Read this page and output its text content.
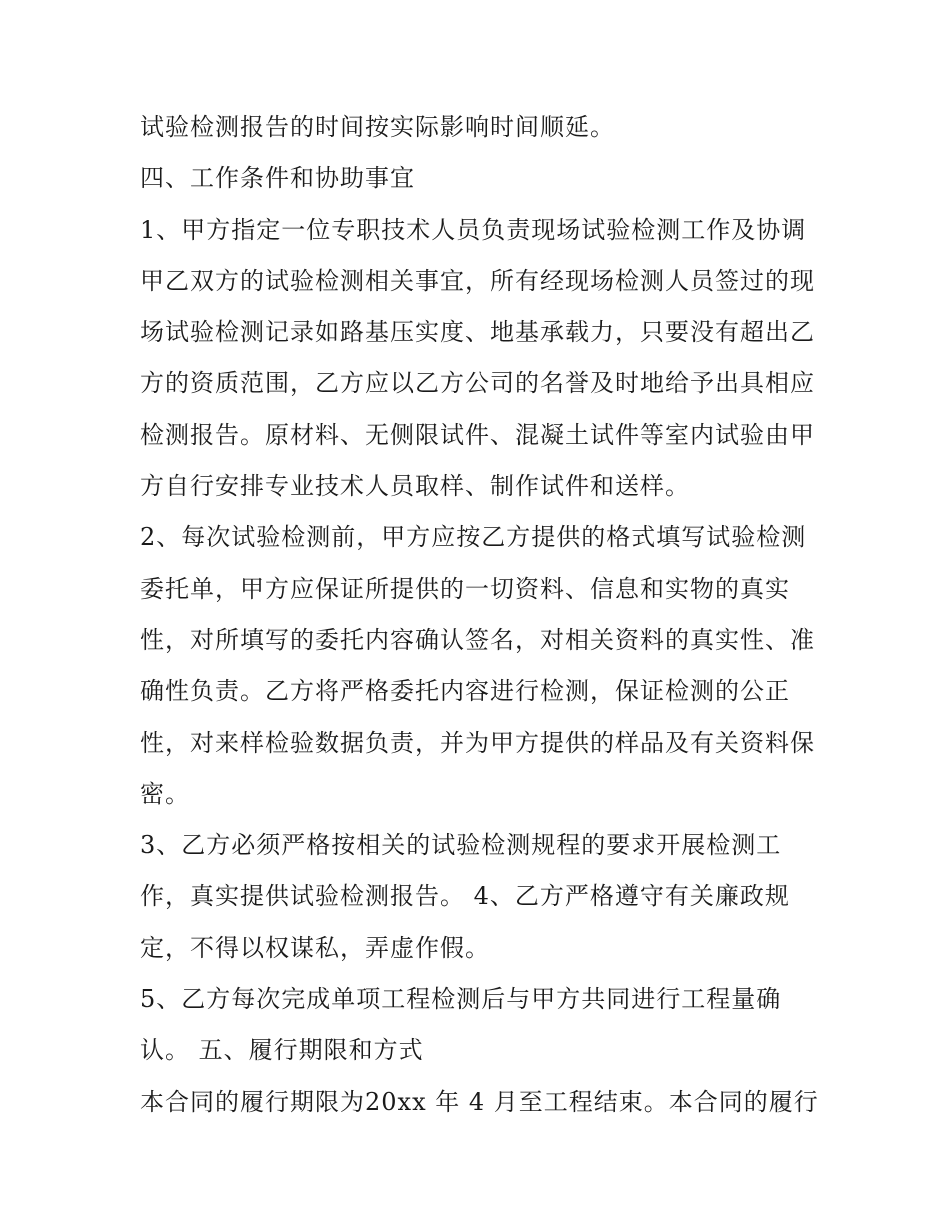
试验检测报告的时间按实际影响时间顺延。
四、工作条件和协助事宜
1、甲方指定一位专职技术人员负责现场试验检测工作及协调
甲乙双方的试验检测相关事宜，所有经现场检测人员签过的现
场试验检测记录如路基压实度、地基承载力，只要没有超出乙
方的资质范围，乙方应以乙方公司的名誉及时地给予出具相应
检测报告。原材料、无侧限试件、混凝土试件等室内试验由甲
方自行安排专业技术人员取样、制作试件和送样。
2、每次试验检测前，甲方应按乙方提供的格式填写试验检测
委托单，甲方应保证所提供的一切资料、信息和实物的真实
性，对所填写的委托内容确认签名，对相关资料的真实性、准
确性负责。乙方将严格委托内容进行检测，保证检测的公正
性，对来样检验数据负责，并为甲方提供的样品及有关资料保
密。
3、乙方必须严格按相关的试验检测规程的要求开展检测工
作，真实提供试验检测报告。 4、乙方严格遵守有关廉政规
定，不得以权谋私，弄虚作假。
5、乙方每次完成单项工程检测后与甲方共同进行工程量确
认。 五、履行期限和方式
本合同的履行期限为20xx 年 4 月至工程结束。本合同的履行
